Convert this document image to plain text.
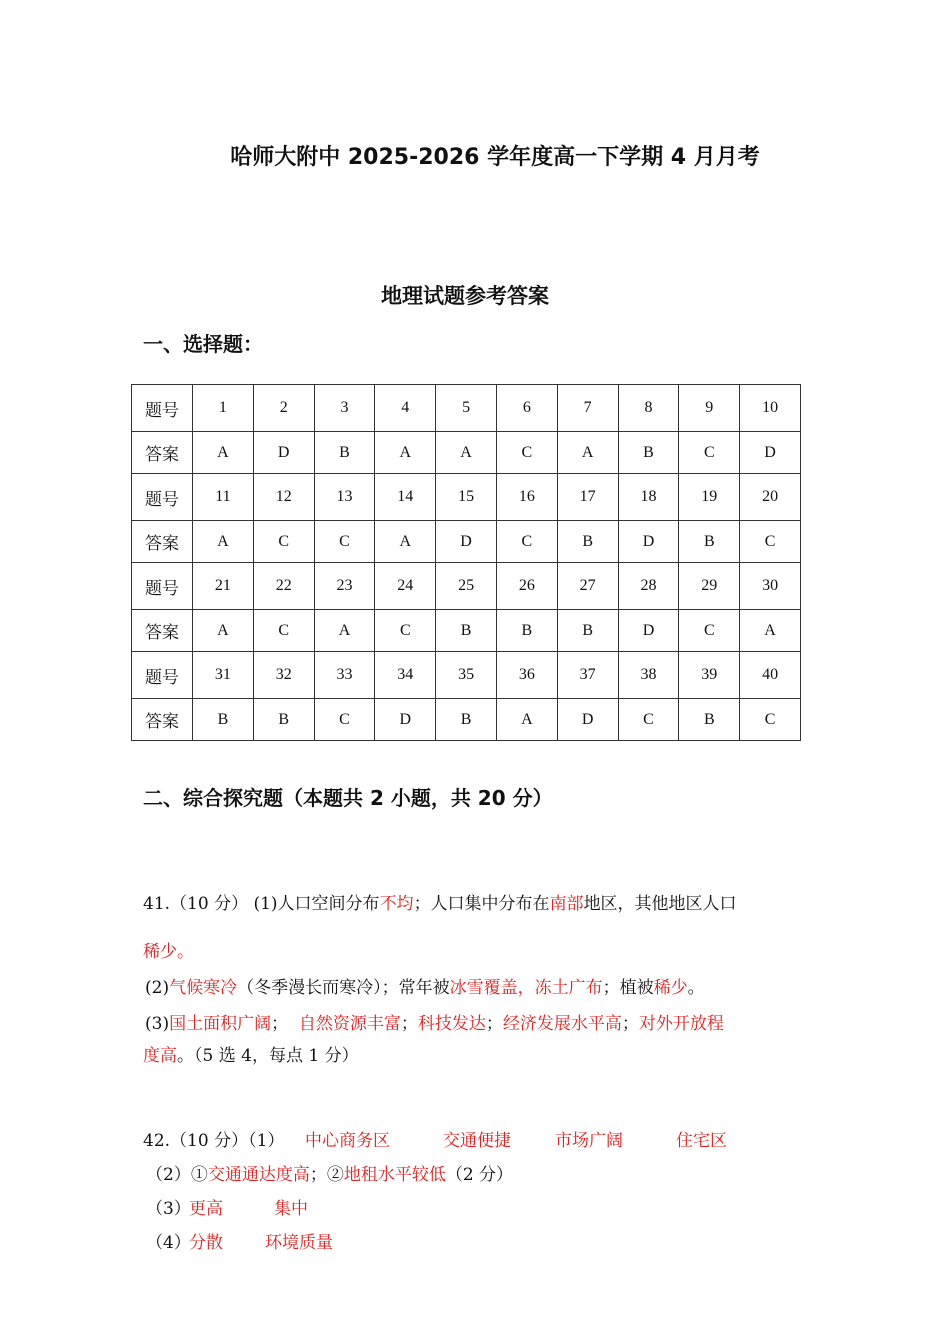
哈师大附中 2025-2026 学年度高一下学期 4 月月考
地理试题参考答案
一、选择题：
题号	1	2	3	4	5	6	7	8	9	10
答案	A	D	B	A	A	C	A	B	C	D
题号	11	12	13	14	15	16	17	18	19	20
答案	A	C	C	A	D	C	B	D	B	C
题号	21	22	23	24	25	26	27	28	29	30
答案	A	C	A	C	B	B	B	D	C	A
题号	31	32	33	34	35	36	37	38	39	40
答案	B	B	C	D	B	A	D	C	B	C
二、综合探究题（本题共 2 小题，共 20 分）
41.（10 分） (1)人口空间分布不均；人口集中分布在南部地区，其他地区人口
稀少。
(2)气候寒冷（冬季漫长而寒冷）；常年被冰雪覆盖，冻土广布；植被稀少。
(3)国土面积广阔； 自然资源丰富；科技发达；经济发展水平高；对外开放程
度高。（5 选 4，每点 1 分）
42.（10 分）（1） 中心商务区	交通便捷	市场广阔	住宅区
（2）①交通通达度高；②地租水平较低（2 分）
（3）
更高	集中
（4）
分散 环境质量
